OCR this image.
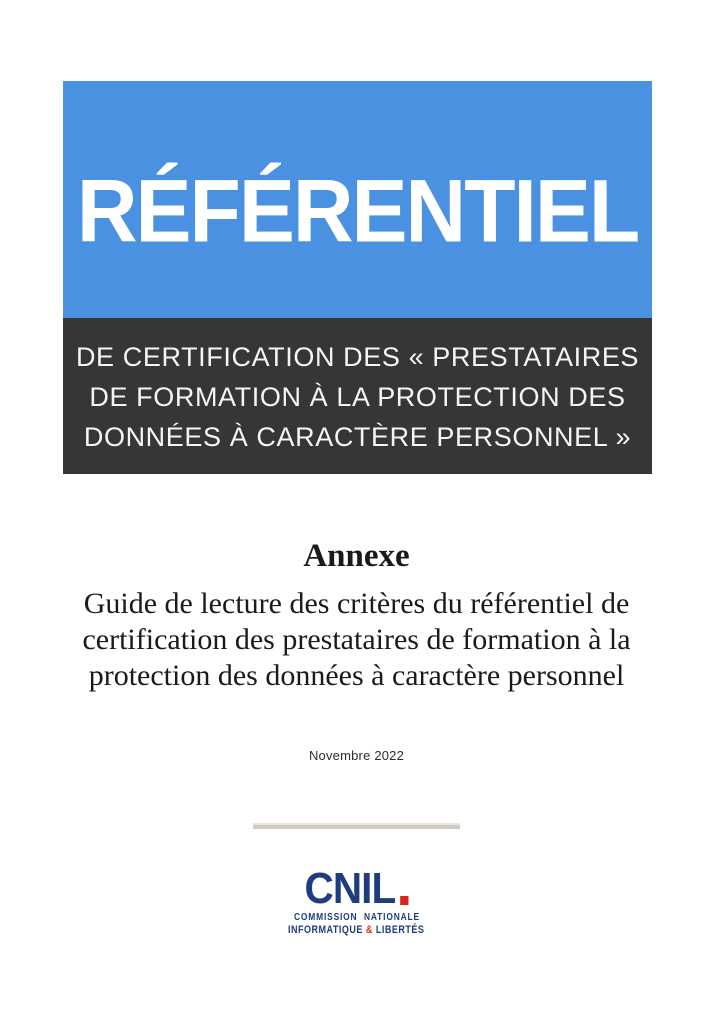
RÉFÉRENTIEL
DE CERTIFICATION DES « PRESTATAIRES
DE FORMATION À LA PROTECTION DES
DONNÉES À CARACTÈRE PERSONNEL »
Annexe
Guide de lecture des critères du référentiel de
certification des prestataires de formation à la
protection des données à caractère personnel
Novembre 2022
CNIL
COMMISSION NATIONALE
INFORMATIQUE & LIBERTÉS
